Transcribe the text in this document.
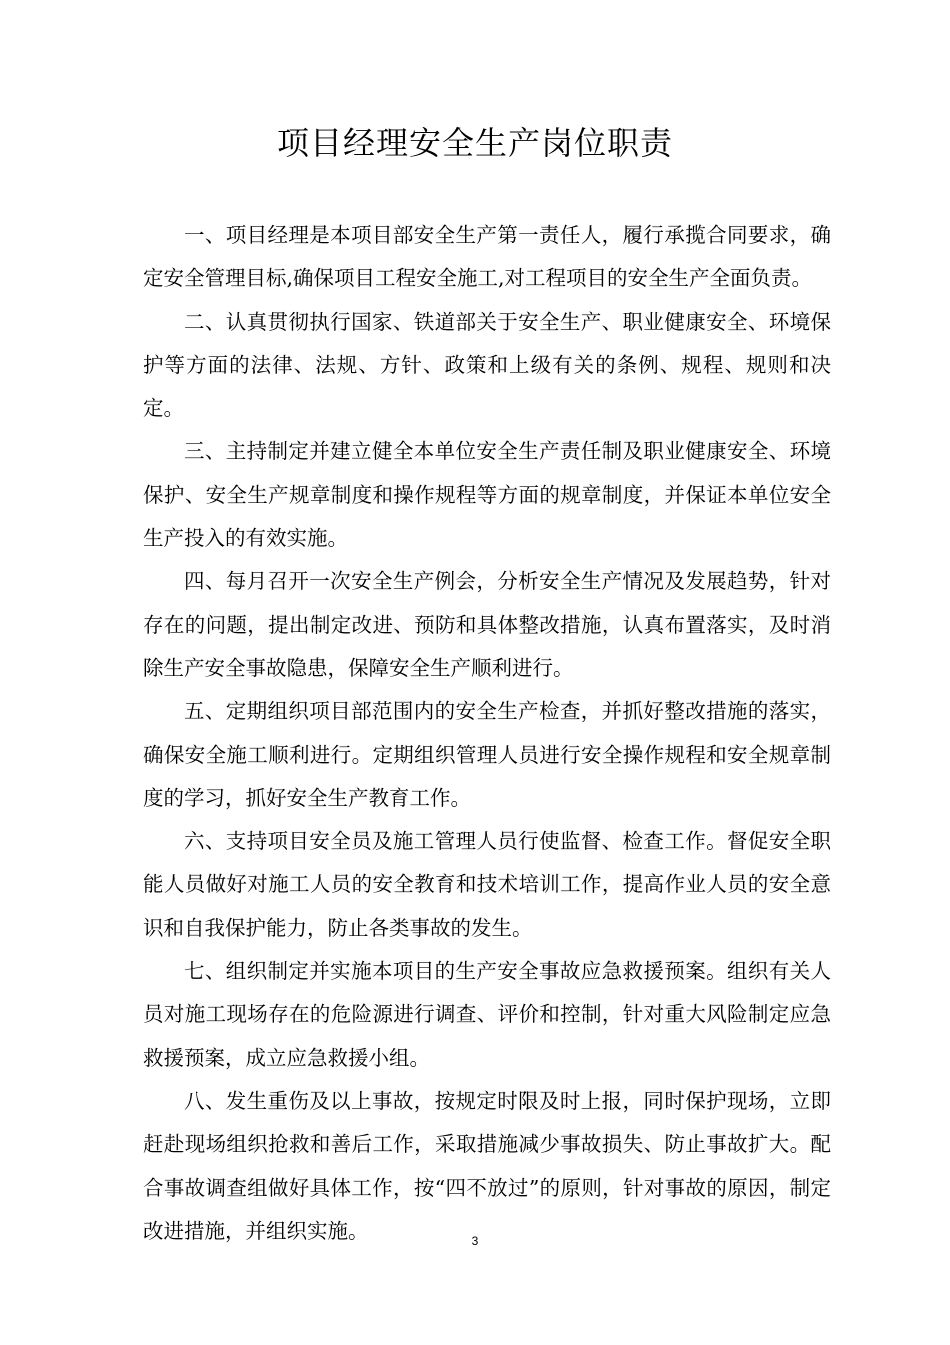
项目经理安全生产岗位职责

一、项目经理是本项目部安全生产第一责任人，履行承揽合同要求，确定安全管理目标,确保项目工程安全施工,对工程项目的安全生产全面负责。

二、认真贯彻执行国家、铁道部关于安全生产、职业健康安全、环境保护等方面的法律、法规、方针、政策和上级有关的条例、规程、规则和决定。

三、主持制定并建立健全本单位安全生产责任制及职业健康安全、环境保护、安全生产规章制度和操作规程等方面的规章制度，并保证本单位安全生产投入的有效实施。

四、每月召开一次安全生产例会，分析安全生产情况及发展趋势，针对存在的问题，提出制定改进、预防和具体整改措施，认真布置落实，及时消除生产安全事故隐患，保障安全生产顺利进行。

五、定期组织项目部范围内的安全生产检查，并抓好整改措施的落实，确保安全施工顺利进行。定期组织管理人员进行安全操作规程和安全规章制度的学习，抓好安全生产教育工作。

六、支持项目安全员及施工管理人员行使监督、检查工作。督促安全职能人员做好对施工人员的安全教育和技术培训工作，提高作业人员的安全意识和自我保护能力，防止各类事故的发生。

七、组织制定并实施本项目的生产安全事故应急救援预案。组织有关人员对施工现场存在的危险源进行调查、评价和控制，针对重大风险制定应急救援预案，成立应急救援小组。

八、发生重伤及以上事故，按规定时限及时上报，同时保护现场，立即赶赴现场组织抢救和善后工作，采取措施减少事故损失、防止事故扩大。配合事故调查组做好具体工作，按“四不放过”的原则，针对事故的原因，制定改进措施，并组织实施。	3
